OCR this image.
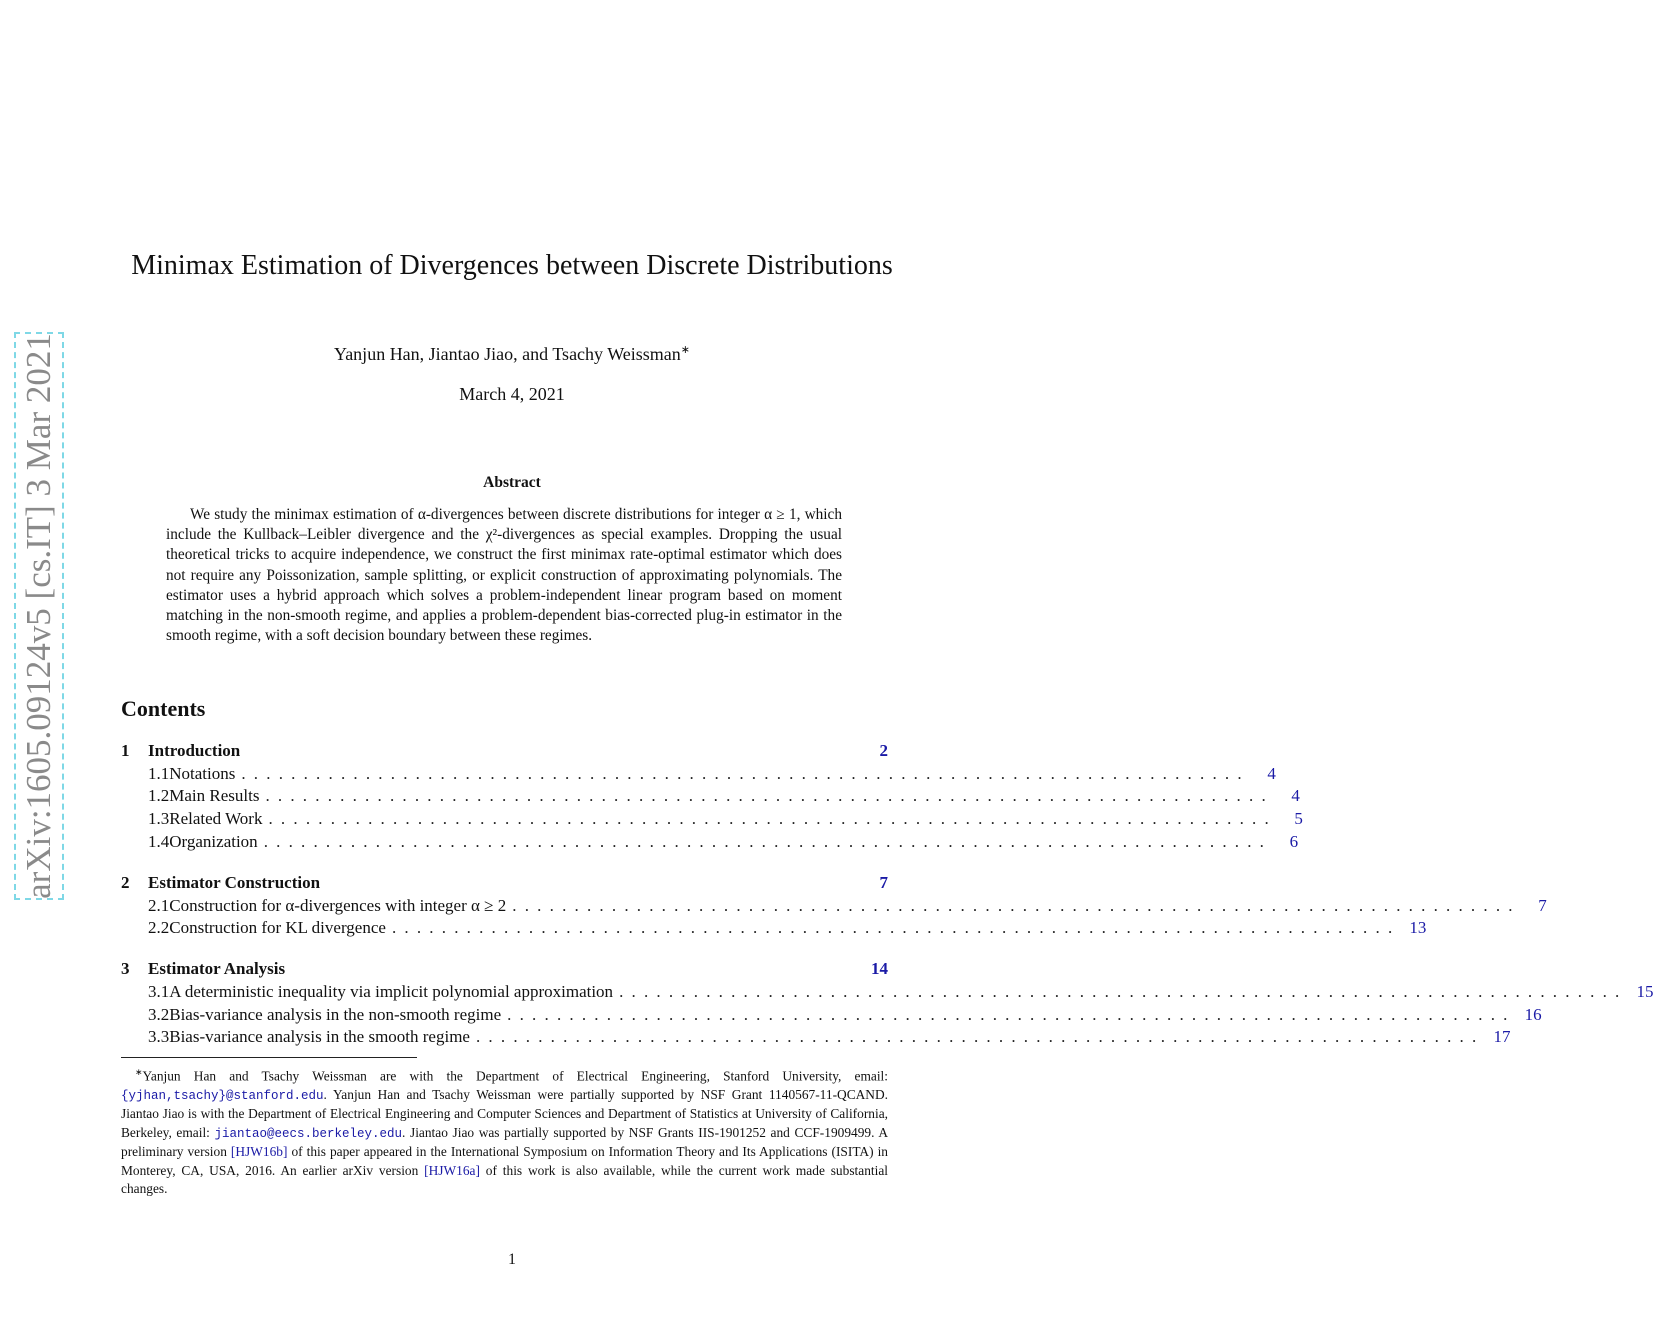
arXiv:1605.09124v5 [cs.IT] 3 Mar 2021
Minimax Estimation of Divergences between Discrete Distributions
Yanjun Han, Jiantao Jiao, and Tsachy Weissman∗
March 4, 2021
Abstract
We study the minimax estimation of α-divergences between discrete distributions for integer α ≥ 1, which include the Kullback–Leibler divergence and the χ²-divergences as special examples. Dropping the usual theoretical tricks to acquire independence, we construct the first minimax rate-optimal estimator which does not require any Poissonization, sample splitting, or explicit construction of approximating polynomials. The estimator uses a hybrid approach which solves a problem-independent linear program based on moment matching in the non-smooth regime, and applies a problem-dependent bias-corrected plug-in estimator in the smooth regime, with a soft decision boundary between these regimes.
Contents
1	Introduction	2
1.1 Notations .................................................................................	4
1.2 Main Results .................................................................................	4
1.3 Related Work .................................................................................	5
1.4 Organization .................................................................................	6
2	Estimator Construction	7
2.1 Construction for α-divergences with integer α ≥ 2 .................................................................................	7
2.2 Construction for KL divergence ................................................................................. 13
3	Estimator Analysis	14
3.1 A deterministic inequality via implicit polynomial approximation ................................................................................. 15
3.2 Bias-variance analysis in the non-smooth regime ................................................................................. 16
3.3 Bias-variance analysis in the smooth regime ................................................................................. 17
∗Yanjun Han and Tsachy Weissman are with the Department of Electrical Engineering, Stanford University, email: {yjhan,tsachy}@stanford.edu. Yanjun Han and Tsachy Weissman were partially supported by NSF Grant 1140567-11-QCAND. Jiantao Jiao is with the Department of Electrical Engineering and Computer Sciences and Department of Statistics at University of California, Berkeley, email: jiantao@eecs.berkeley.edu. Jiantao Jiao was partially supported by NSF Grants IIS-1901252 and CCF-1909499. A preliminary version [HJW16b] of this paper appeared in the International Symposium on Information Theory and Its Applications (ISITA) in Monterey, CA, USA, 2016. An earlier arXiv version [HJW16a] of this work is also available, while the current work made substantial changes.
1
